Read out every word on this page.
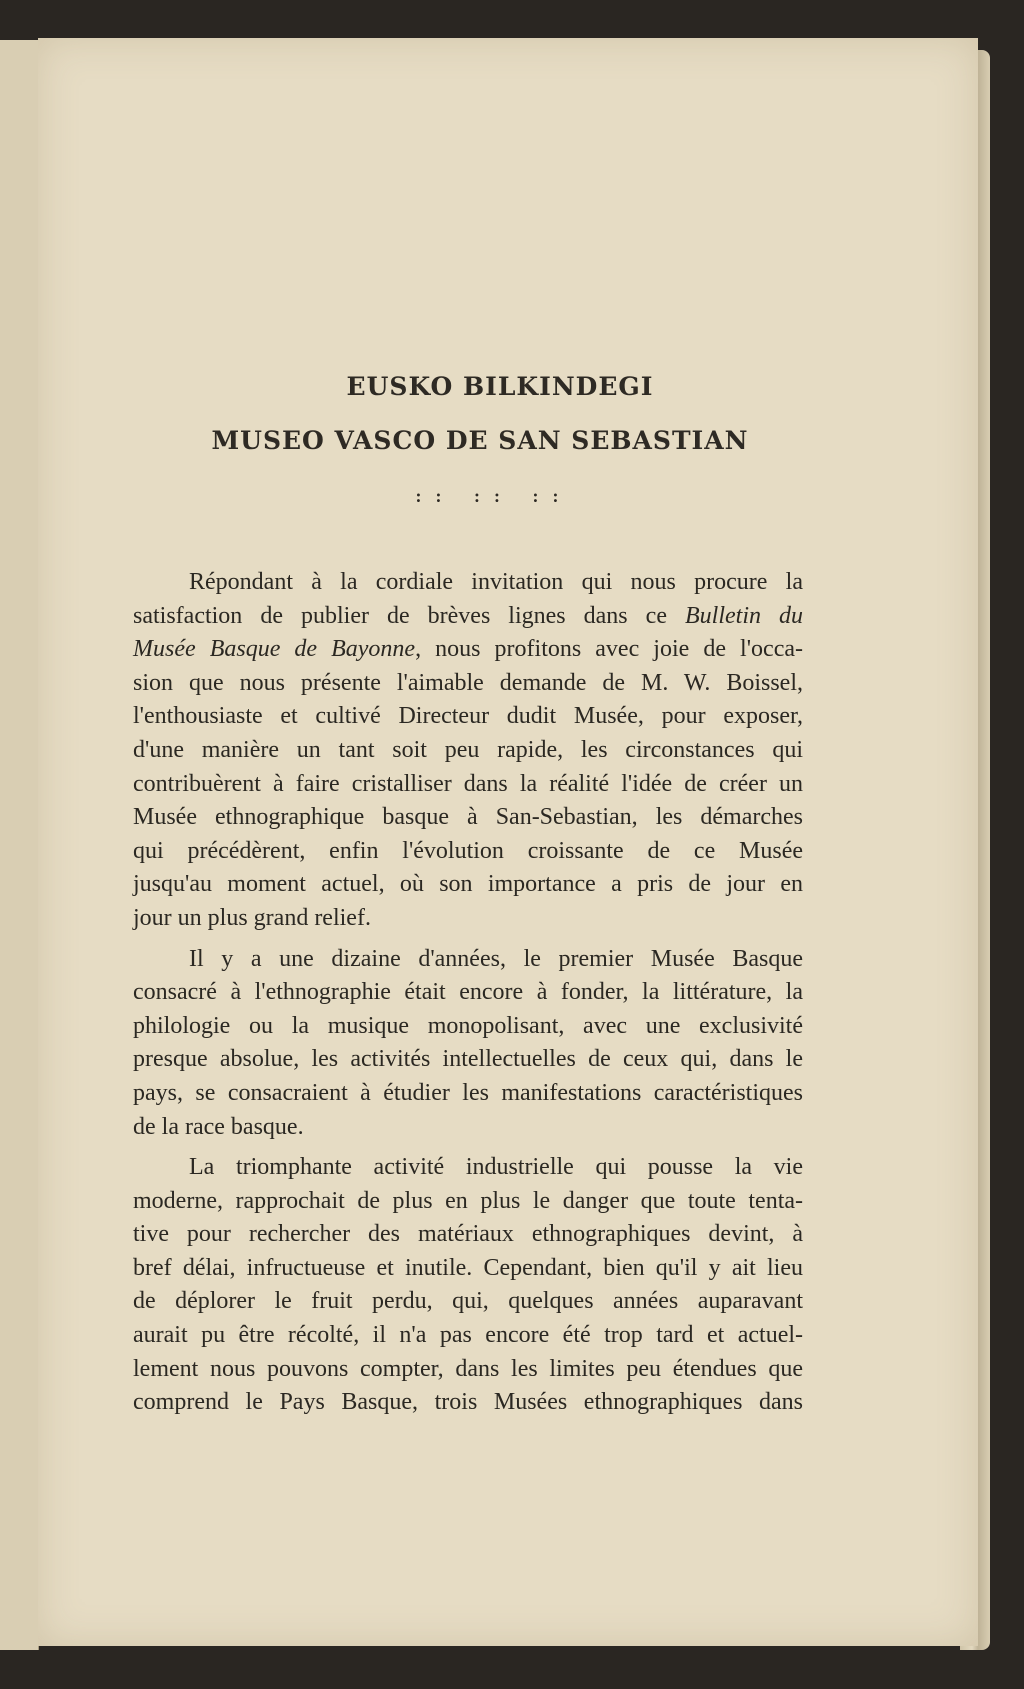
EUSKO BILKINDEGI
MUSEO VASCO DE SAN SEBASTIAN
:: :: ::
Répondant à la cordiale invitation qui nous procure la
satisfaction de publier de brèves lignes dans ce Bulletin du
Musée Basque de Bayonne, nous profitons avec joie de l'occa-
sion que nous présente l'aimable demande de M. W. Boissel,
l'enthousiaste et cultivé Directeur dudit Musée, pour exposer,
d'une manière un tant soit peu rapide, les circonstances qui
contribuèrent à faire cristalliser dans la réalité l'idée de créer un
Musée ethnographique basque à San-Sebastian, les démarches
qui précédèrent, enfin l'évolution croissante de ce Musée
jusqu'au moment actuel, où son importance a pris de jour en
jour un plus grand relief.
Il y a une dizaine d'années, le premier Musée Basque
consacré à l'ethnographie était encore à fonder, la littérature, la
philologie ou la musique monopolisant, avec une exclusivité
presque absolue, les activités intellectuelles de ceux qui, dans le
pays, se consacraient à étudier les manifestations caractéristiques
de la race basque.
La triomphante activité industrielle qui pousse la vie
moderne, rapprochait de plus en plus le danger que toute tenta-
tive pour rechercher des matériaux ethnographiques devint, à
bref délai, infructueuse et inutile. Cependant, bien qu'il y ait lieu
de déplorer le fruit perdu, qui, quelques années auparavant
aurait pu être récolté, il n'a pas encore été trop tard et actuel-
lement nous pouvons compter, dans les limites peu étendues que
comprend le Pays Basque, trois Musées ethnographiques dans
